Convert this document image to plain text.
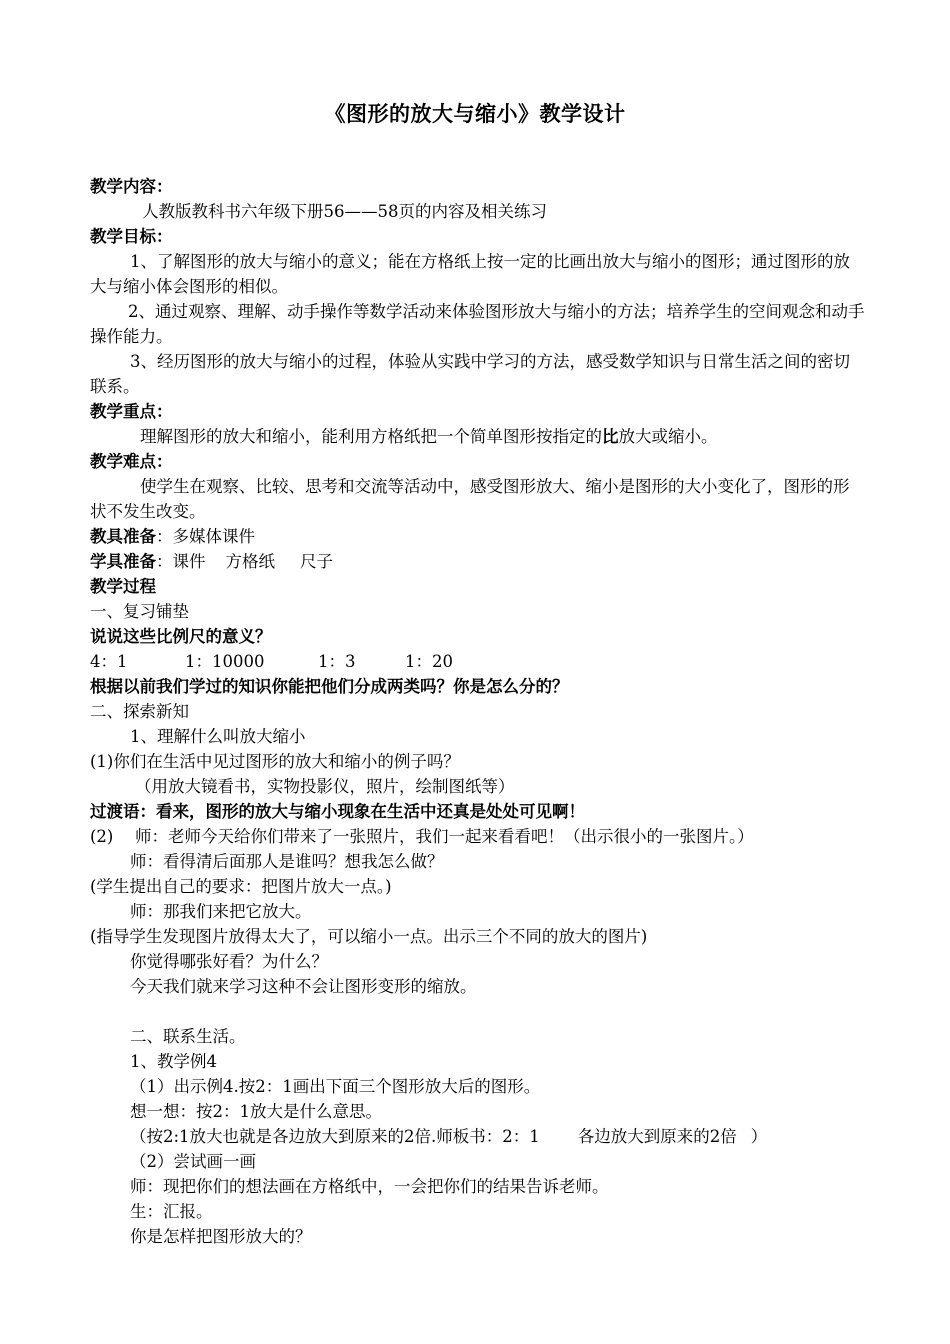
《图形的放大与缩小》教学设计
教学内容：
人教版教科书六年级下册56——58页的内容及相关练习
教学目标：
1、了解图形的放大与缩小的意义；能在方格纸上按一定的比画出放大与缩小的图形；通过图形的放大与缩小体会图形的相似。
2、通过观察、理解、动手操作等数学活动来体验图形放大与缩小的方法；培养学生的空间观念和动手操作能力。
3、经历图形的放大与缩小的过程，体验从实践中学习的方法，感受数学知识与日常生活之间的密切联系。
教学重点：
理解图形的放大和缩小，能利用方格纸把一个简单图形按指定的比放大或缩小。
教学难点：
使学生在观察、比较、思考和交流等活动中，感受图形放大、缩小是图形的大小变化了，图形的形状不发生改变。
教具准备：多媒体课件
学具准备：课件 方格纸 尺子
教学过程
一、复习铺垫
说说这些比例尺的意义？
4：1	1：10000	1：3	1：20
根据以前我们学过的知识你能把他们分成两类吗？你是怎么分的？
二、探索新知
1、理解什么叫放大缩小
(1)你们在生活中见过图形的放大和缩小的例子吗？
（用放大镜看书，实物投影仪，照片，绘制图纸等）
过渡语：看来，图形的放大与缩小现象在生活中还真是处处可见啊！
(2) 师：老师今天给你们带来了一张照片，我们一起来看看吧！（出示很小的一张图片。）
师：看得清后面那人是谁吗？想我怎么做？
(学生提出自己的要求：把图片放大一点。)
师：那我们来把它放大。
(指导学生发现图片放得太大了，可以缩小一点。出示三个不同的放大的图片)
你觉得哪张好看？为什么？
今天我们就来学习这种不会让图形变形的缩放。
二、联系生活。
1、教学例4
（1）出示例4.按2：1画出下面三个图形放大后的图形。
想一想：按2：1放大是什么意思。
（按2:1放大也就是各边放大到原来的2倍.师板书：2：1 各边放大到原来的2倍 ）
（2）尝试画一画
师：现把你们的想法画在方格纸中，一会把你们的结果告诉老师。
生：汇报。
你是怎样把图形放大的？
